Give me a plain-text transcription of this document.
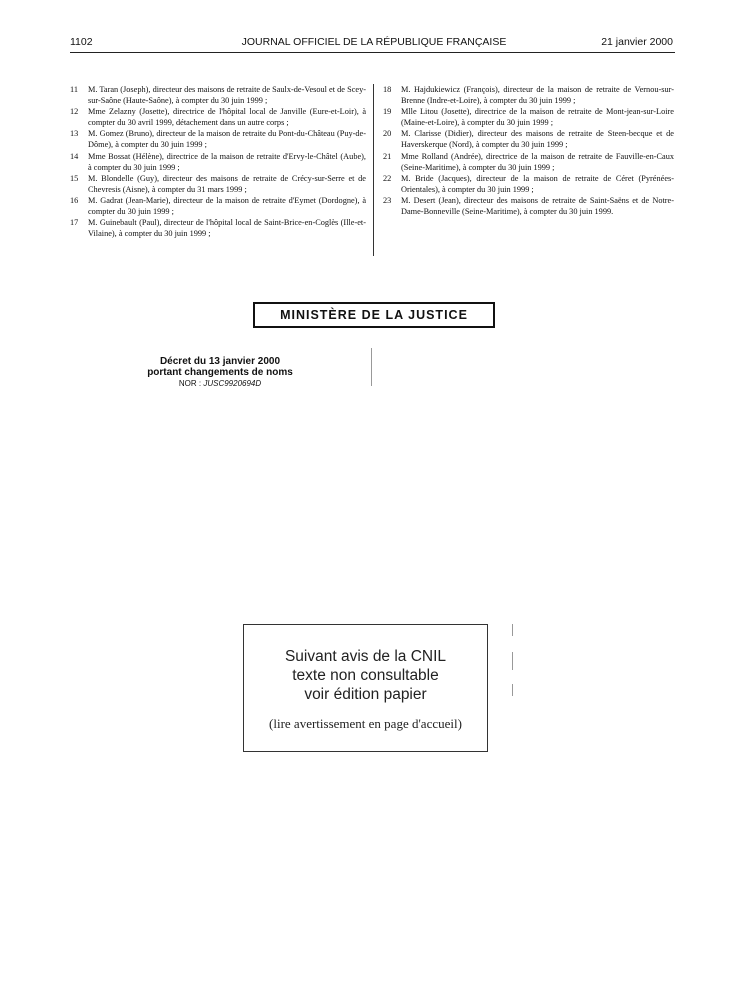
1102	JOURNAL OFFICIEL DE LA RÉPUBLIQUE FRANÇAISE	21 janvier 2000

11 M. Taran (Joseph), directeur des maisons de retraite de Saulx-de-Vesoul et de Scey-sur-Saône (Haute-Saône), à compter du 30 juin 1999 ;

12 Mme Zelazny (Josette), directrice de l'hôpital local de Janville (Eure-et-Loir), à compter du 30 avril 1999, détachement dans un autre corps ;

13 M. Gomez (Bruno), directeur de la maison de retraite du Pont-du-Château (Puy-de-Dôme), à compter du 30 juin 1999 ;

14 Mme Bossat (Hélène), directrice de la maison de retraite d'Ervy-le-Châtel (Aube), à compter du 30 juin 1999 ;

15 M. Blondelle (Guy), directeur des maisons de retraite de Crécy-sur-Serre et de Chevresis (Aisne), à compter du 31 mars 1999 ;

16 M. Gadrat (Jean-Marie), directeur de la maison de retraite d'Eymet (Dordogne), à compter du 30 juin 1999 ;

17 M. Guinebault (Paul), directeur de l'hôpital local de Saint-Brice-en-Coglès (Ille-et-Vilaine), à compter du 30 juin 1999 ;

18 M. Hajdukiewicz (François), directeur de la maison de retraite de Vernou-sur-Brenne (Indre-et-Loire), à compter du 30 juin 1999 ;

19 Mlle Litou (Josette), directrice de la maison de retraite de Mont-jean-sur-Loire (Maine-et-Loire), à compter du 30 juin 1999 ;

20 M. Clarisse (Didier), directeur des maisons de retraite de Steen-becque et de Haverskerque (Nord), à compter du 30 juin 1999 ;

21 Mme Rolland (Andrée), directrice de la maison de retraite de Fauville-en-Caux (Seine-Maritime), à compter du 30 juin 1999 ;

22 M. Bride (Jacques), directeur de la maison de retraite de Céret (Pyrénées-Orientales), à compter du 30 juin 1999 ;

23 M. Desert (Jean), directeur des maisons de retraite de Saint-Saëns et de Notre-Dame-Bonneville (Seine-Maritime), à compter du 30 juin 1999.

MINISTÈRE DE LA JUSTICE
Décret du 13 janvier 2000
portant changements de noms
NOR : JUSC9920694D
Suivant avis de la CNIL
texte non consultable
voir édition papier
(lire avertissement en page d'accueil)
